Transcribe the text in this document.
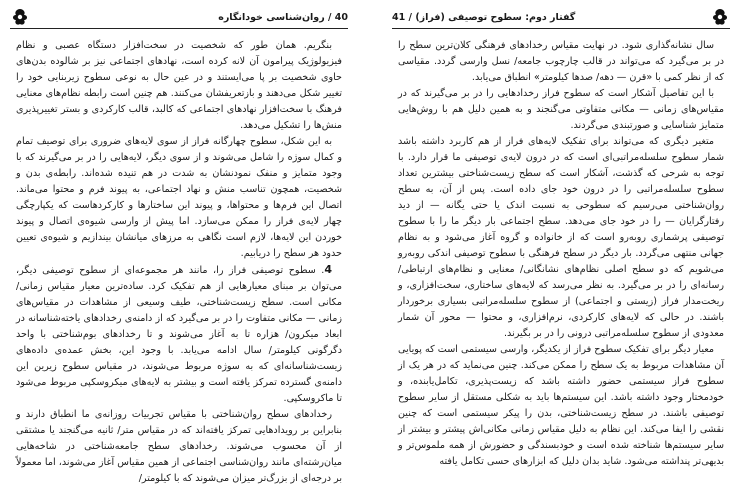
40 / روان‌شناسی خودانگاره

بنگریم. همان طور که شخصیت در سخت‌افزار دستگاه عصبی و نظام فیزیولوژیک پیرامون آن لانه کرده است، نهادهای اجتماعی نیز بر شالوده بدن‌های حاوی شخصیت بر پا می‌ایستند و در عین حال به نوعی سطوح زیربنایی خود را تغییر شکل می‌دهند و بازتعریفشان می‌کنند. هم چنین است رابطه نظام‌های معنایی فرهنگ با سخت‌افزار نهادهای اجتماعی که کالبد، قالب کارکردی و بستر تغییرپذیری منش‌ها را تشکیل می‌دهد.

به این شکل، سطوح چهارگانه فراز از سوی لایه‌های ضروری برای توصیف تمام و کمال سوژه را شامل می‌شوند و از سوی دیگر، لایه‌هایی را در بر می‌گیرند که با وجود متمایز و منفک نمودنشان به شدت در هم تنیده شده‌اند. رابطه‌ی بدن و شخصیت، همچون تناسب منش و نهاد اجتماعی، به پیوند فرم و محتوا می‌ماند. اتصال این فرم‌ها و محتواها، و پیوند این ساختارها و کارکردهاست که یکپارچگی چهار لایه‌ی فراز را ممکن می‌سازد. اما پیش از وارسی شیوه‌ی اتصال و پیوند خوردن این لایه‌ها، لازم است نگاهی به مرزهای میانشان بیندازیم و شیوه‌ی تعیین حدود هر سطح را دریابیم.

4. سطوح توصیفی فراز را، مانند هر مجموعه‌ای از سطوح توصیفی دیگر، می‌توان بر مبنای معیارهایی از هم تفکیک کرد. ساده‌ترین معیار مقیاس زمانی/ مکانی است. سطح زیست‌شناختی، طیف وسیعی از مشاهدات در مقیاس‌های زمانی — مکانی متفاوت را در بر می‌گیرد که از دامنه‌ی رخدادهای یاخته‌شناسانه در ابعاد میکرون/ هزاره تا به آغاز می‌شوند و تا رخدادهای بوم‌شناختی با واحد دگرگونی کیلومتر/ سال ادامه می‌یابد. با وجود این، بخش عمده‌ی داده‌های زیست‌شناسانه‌ای که به سوژه مربوط می‌شوند، در مقیاس سطوح زیرین این دامنه‌ی گسترده تمرکز یافته است و بیشتر به لایه‌های میکروسکپی مربوط می‌شود تا ماکروسکپی.

رخدادهای سطح روان‌شناختی با مقیاس تجربیات روزانه‌ی ما انطباق دارند و بنابراین بر رویدادهایی تمرکز یافته‌اند که در مقیاس متر/ ثانیه می‌گنجند یا مشتقی از آن محسوب می‌شوند. رخدادهای سطح جامعه‌شناختی در شاخه‌هایی میان‌رشته‌ای مانند روان‌شناسی اجتماعی از همین مقیاس آغاز می‌شوند، اما معمولاً بر درجه‌ای از بزرگ‌تر میزان می‌شوند که با کیلومتر/

گفتار دوم: سطوح توصیفی (فراز) / 41

سال نشانه‌گذاری شود. در نهایت مقیاس رخدادهای فرهنگی کلان‌ترین سطح را در بر می‌گیرد که می‌تواند در قالب چارچوب جامعه/ نسل وارسی گردد. مقیاسی که از نظر کمی با «قرن — دهه/ صدها کیلومتر» انطباق می‌یابد.

با این تفاصیل آشکار است که سطوح فراز رخدادهایی را در بر می‌گیرند که در مقیاس‌های زمانی — مکانی متفاوتی می‌گنجند و به همین دلیل هم با روش‌هایی متمایز شناسایی و صورتبندی می‌گردند.

متغیر دیگری که می‌تواند برای تفکیک لایه‌های فراز از هم کاربرد داشته باشد شمار سطوح سلسله‌مراتبی‌ای است که در درون لایه‌ی توصیفی ما قرار دارد. با توجه به شرحی که گذشت، آشکار است که سطح زیست‌شناختی بیشترین تعداد سطوح سلسله‌مراتبی را در درون خود جای داده است. پس از آن، به سطح روان‌شناختی می‌رسیم که سطوحی به نسبت اندک یا حتی یگانه — از دید رفتارگرایان — را در خود جای می‌دهد. سطح اجتماعی بار دیگر ما را با سطوح توصیفی پرشماری روبه‌رو است که از خانواده و گروه آغاز می‌شود و به نظام جهانی منتهی می‌گردد. بار دیگر در سطح فرهنگی با سطوح توصیفی اندکی روبه‌رو می‌شویم که دو سطح اصلی نظام‌های نشانگانی/ معنایی و نظام‌های ارتباطی/ رسانه‌ای را در بر می‌گیرد. به نظر می‌رسد که لایه‌های ساختاری، سخت‌افزاری، و ریخت‌مدار فراز (زیستی و اجتماعی) از سطوح سلسله‌مراتبی بسیاری برخوردار باشند. در حالی که لایه‌های کارکردی، نرم‌افزاری، و محتوا — محور آن شمار معدودی از سطوح سلسله‌مراتبی درونی را در بر بگیرند.

معیار دیگر برای تفکیک سطوح فراز از یکدیگر، وارسی سیستمی است که پویایی آن مشاهدات مربوط به یک سطح را ممکن می‌کند. چنین می‌نماید که در هر یک از سطوح فراز سیستمی حضور داشته باشد که زیست‌پذیری، تکامل‌یابنده، و خودمختار وجود داشته باشد. این سیستم‌ها باید به شکلی مستقل از سایر سطوح توصیفی باشند. در سطح زیست‌شناختی، بدن را پیکر سیستمی است که چنین نقشی را ایفا می‌کند. این نظام به دلیل مقیاس زمانی مکانی‌اش پیشتر و بیشتر از سایر سیستم‌ها شناخته شده است و خودبسندگی و حضورش از همه ملموس‌تر و بدیهی‌تر پنداشته می‌شود. شاید بدان دلیل که ابزارهای حسی تکامل یافته
